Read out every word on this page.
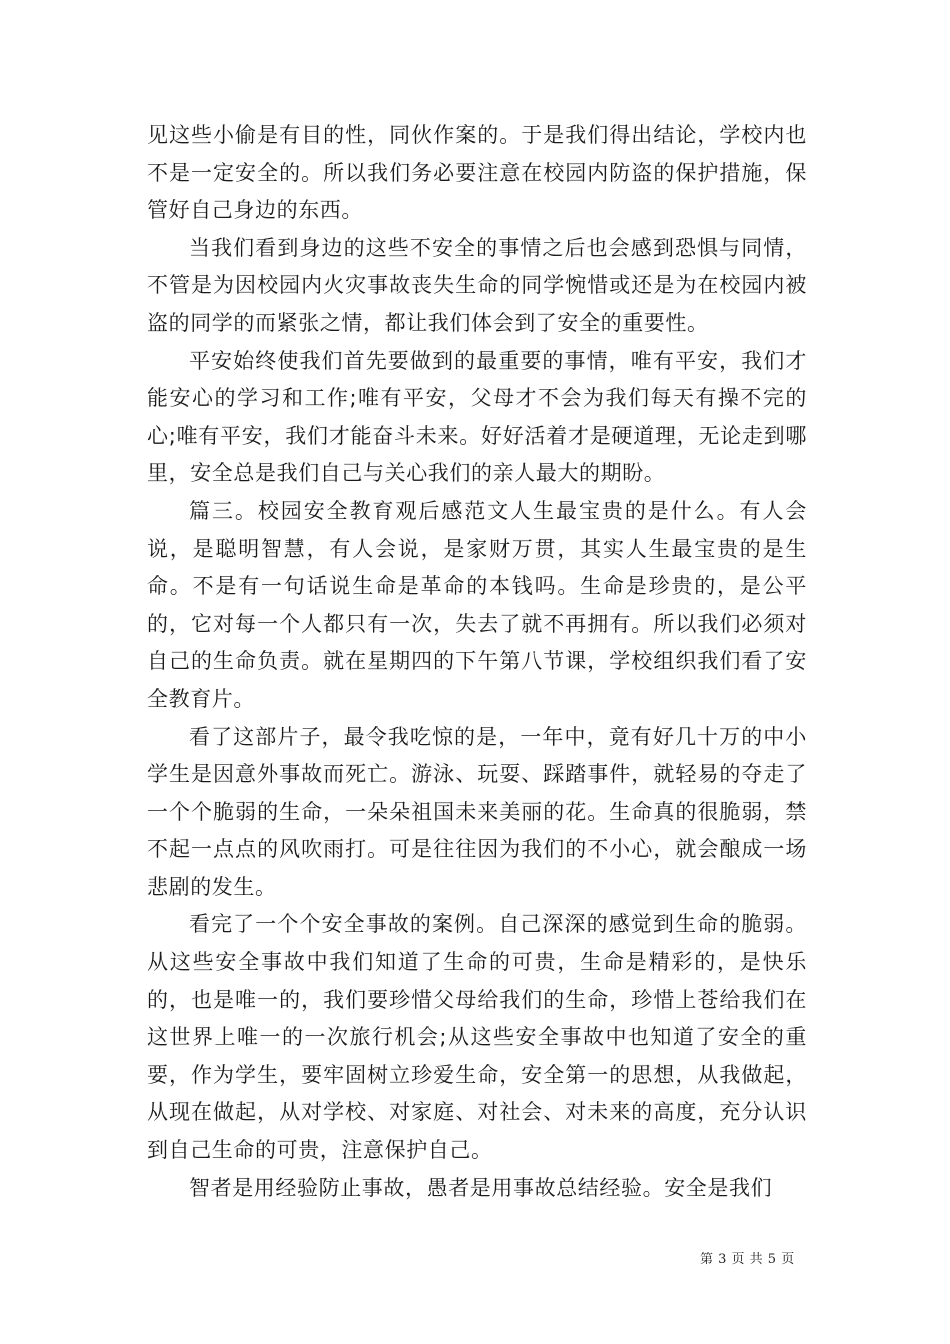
见这些小偷是有目的性，同伙作案的。于是我们得出结论，学校内也不是一定安全的。所以我们务必要注意在校园内防盗的保护措施，保管好自己身边的东西。

当我们看到身边的这些不安全的事情之后也会感到恐惧与同情，不管是为因校园内火灾事故丧失生命的同学惋惜或还是为在校园内被盗的同学的而紧张之情，都让我们体会到了安全的重要性。

平安始终使我们首先要做到的最重要的事情，唯有平安，我们才能安心的学习和工作;唯有平安，父母才不会为我们每天有操不完的心;唯有平安，我们才能奋斗未来。好好活着才是硬道理，无论走到哪里，安全总是我们自己与关心我们的亲人最大的期盼。

篇三。校园安全教育观后感范文人生最宝贵的是什么。有人会说，是聪明智慧，有人会说，是家财万贯，其实人生最宝贵的是生命。不是有一句话说生命是革命的本钱吗。生命是珍贵的，是公平的，它对每一个人都只有一次，失去了就不再拥有。所以我们必须对自己的生命负责。就在星期四的下午第八节课，学校组织我们看了安全教育片。

看了这部片子，最令我吃惊的是，一年中，竟有好几十万的中小学生是因意外事故而死亡。游泳、玩耍、踩踏事件，就轻易的夺走了一个个脆弱的生命，一朵朵祖国未来美丽的花。生命真的很脆弱，禁不起一点点的风吹雨打。可是往往因为我们的不小心，就会酿成一场悲剧的发生。

看完了一个个安全事故的案例。自己深深的感觉到生命的脆弱。从这些安全事故中我们知道了生命的可贵，生命是精彩的，是快乐的，也是唯一的，我们要珍惜父母给我们的生命，珍惜上苍给我们在这世界上唯一的一次旅行机会;从这些安全事故中也知道了安全的重要，作为学生，要牢固树立珍爱生命，安全第一的思想，从我做起，从现在做起，从对学校、对家庭、对社会、对未来的高度，充分认识到自己生命的可贵，注意保护自己。

智者是用经验防止事故，愚者是用事故总结经验。安全是我们

第 3 页 共 5 页
